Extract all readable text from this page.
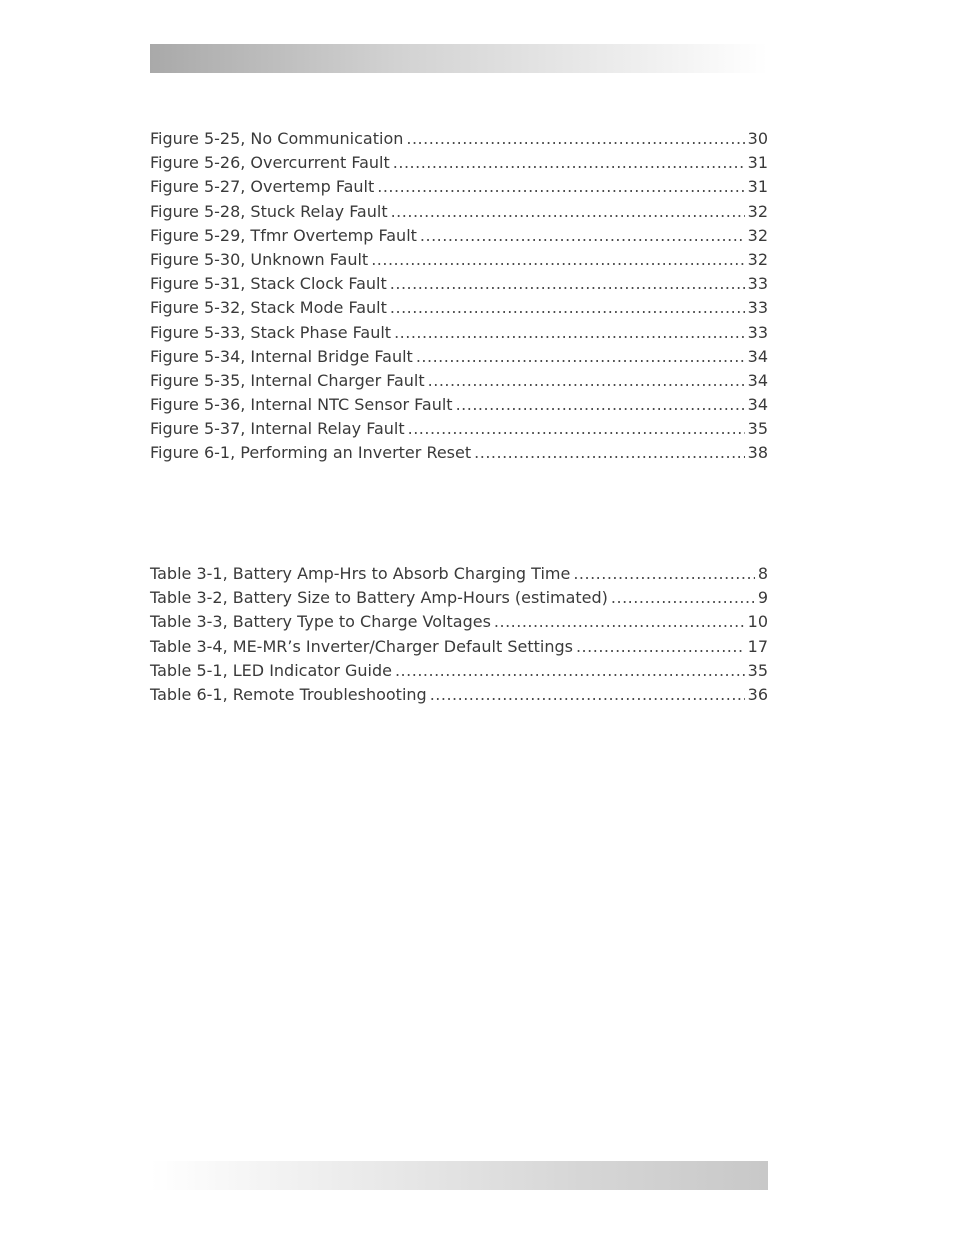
Figure 5-25, No Communication .....	30
Figure 5-26, Overcurrent Fault .....	31
Figure 5-27, Overtemp Fault .....	31
Figure 5-28, Stuck Relay Fault .....	32
Figure 5-29, Tfmr Overtemp Fault .....	32
Figure 5-30, Unknown Fault .....	32
Figure 5-31, Stack Clock Fault .....	33
Figure 5-32, Stack Mode Fault .....	33
Figure 5-33, Stack Phase Fault .....	33
Figure 5-34, Internal Bridge Fault .....	34
Figure 5-35, Internal Charger Fault .....	34
Figure 5-36, Internal NTC Sensor Fault .....	34
Figure 5-37, Internal Relay Fault .....	35
Figure 6-1, Performing an Inverter Reset .....	38
Table 3-1, Battery Amp-Hrs to Absorb Charging Time .....	8
Table 3-2, Battery Size to Battery Amp-Hours (estimated) .....	9
Table 3-3, Battery Type to Charge Voltages .....	10
Table 3-4, ME-MR’s Inverter/Charger Default Settings .....	17
Table 5-1, LED Indicator Guide .....	35
Table 6-1, Remote Troubleshooting .....	36
